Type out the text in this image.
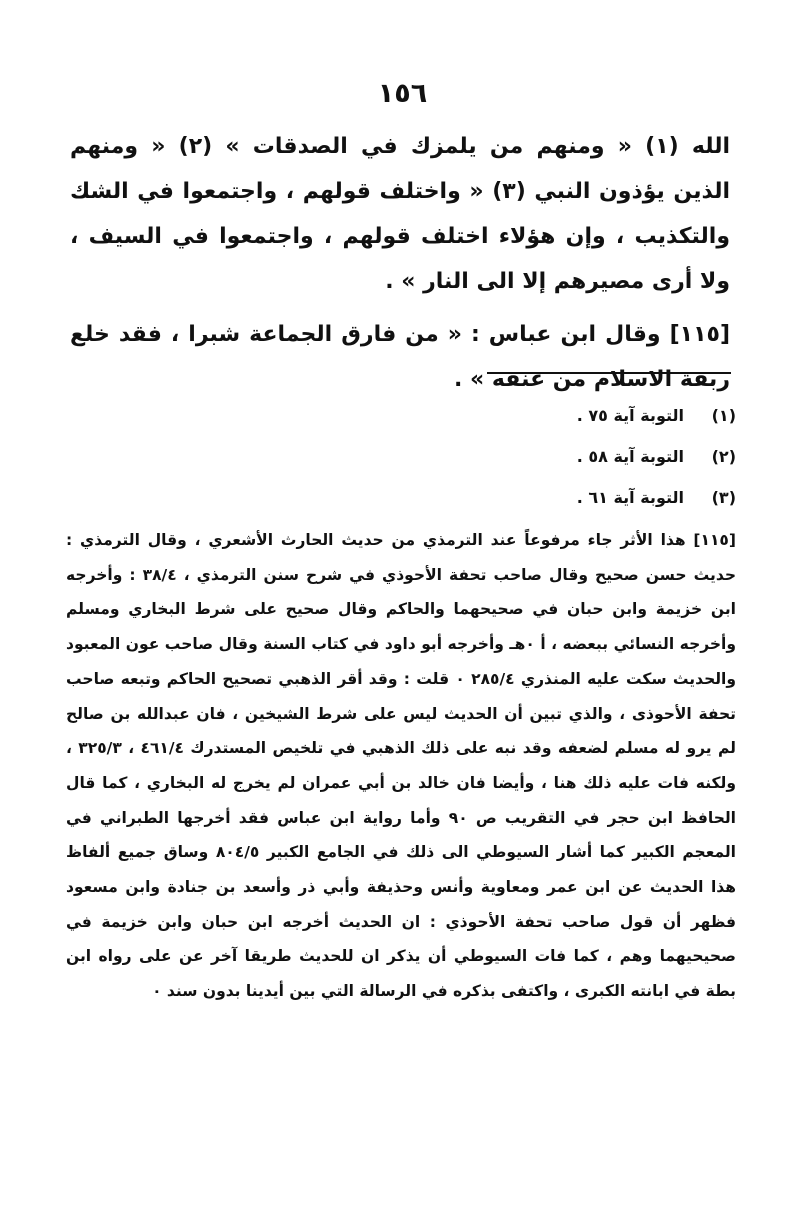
١٥٦

الله (١) « ومنهم من يلمزك في الصدقات » (٢) « ومنهم الذين يؤذون النبي (٣) « واختلف قولهم ، واجتمعوا في الشك والتكذيب ، وإن هؤلاء اختلف قولهم ، واجتمعوا في السيف ، ولا أرى مصيرهم إلا الى النار » .

[١١٥] وقال ابن عباس : « من فارق الجماعة شبرا ، فقد خلع ربقة الاسلام من عنقه » .

(١)التوبة آية ٧٥ .
(٢)التوبة آية ٥٨ .
(٣)التوبة آية ٦١ .

[١١٥] هذا الأثر جاء مرفوعاً عند الترمذي من حديث الحارث الأشعري ، وقال الترمذي : حديث حسن صحيح وقال صاحب تحفة الأحوذي في شرح سنن الترمذي ، ٣٨/٤ : وأخرجه ابن خزيمة وابن حبان في صحيحهما والحاكم وقال صحيح على شرط البخاري ومسلم وأخرجه النسائي ببعضه ، أ ٠هـ وأخرجه أبو داود في كتاب السنة وقال صاحب عون المعبود والحديث سكت عليه المنذري ٢٨٥/٤ ٠ قلت : وقد أقر الذهبي تصحيح الحاكم وتبعه صاحب تحفة الأحوذى ، والذي تبين أن الحديث ليس على شرط الشيخين ، فان عبدالله بن صالح لم يرو له مسلم لضعفه وقد نبه على ذلك الذهبي في تلخيص المستدرك ٤٦١/٤ ، ٣٢٥/٣ ، ولكنه فات عليه ذلك هنا ، وأيضا فان خالد بن أبي عمران لم يخرج له البخاري ، كما قال الحافظ ابن حجر في التقريب ص ٩٠ وأما رواية ابن عباس فقد أخرجها الطبراني في المعجم الكبير كما أشار السيوطي الى ذلك في الجامع الكبير ٨٠٤/٥ وساق جميع ألفاظ هذا الحديث عن ابن عمر ومعاوية وأنس وحذيفة وأبي ذر وأسعد بن جنادة وابن مسعود فظهر أن قول صاحب تحفة الأحوذي : ان الحديث أخرجه ابن حبان وابن خزيمة في صحيحيهما وهم ، كما فات السيوطي أن يذكر ان للحديث طريقا آخر عن على رواه ابن بطة في ابانته الكبرى ، واكتفى بذكره في الرسالة التي بين أيدينا بدون سند ٠
